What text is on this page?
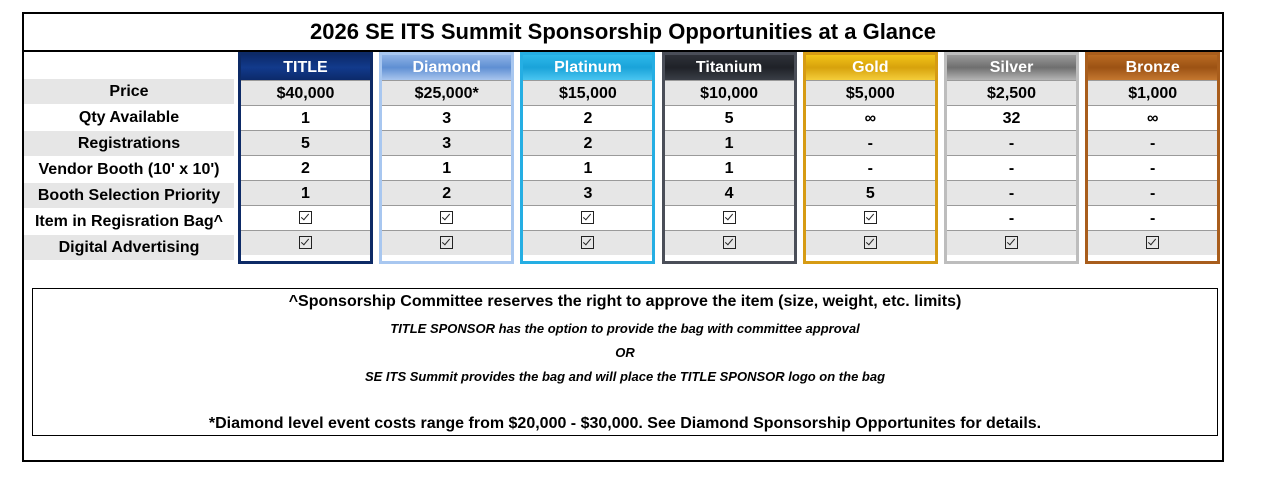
2026 SE ITS Summit Sponsorship Opportunities at a Glance
Price
Qty Available
Registrations
Vendor Booth (10' x 10')
Booth Selection Priority
Item in Regisration Bag^
Digital Advertising
TITLE
$40,000
1
5
2
1
Diamond
$25,000*
3
3
1
2
Platinum
$15,000
2
2
1
3
Titanium
$10,000
5
1
1
4
Gold
$5,000
∞
-
-
5
Silver
$2,500
32
-
-
-
-
Bronze
$1,000
∞
-
-
-
-
^Sponsorship Committee reserves the right to approve the item (size, weight, etc. limits)
TITLE SPONSOR has the option to provide the bag with committee approval
OR
SE ITS Summit provides the bag and will place the TITLE SPONSOR logo on the bag
*Diamond level event costs range from $20,000 - $30,000. See Diamond Sponsorship Opportunites for details.
